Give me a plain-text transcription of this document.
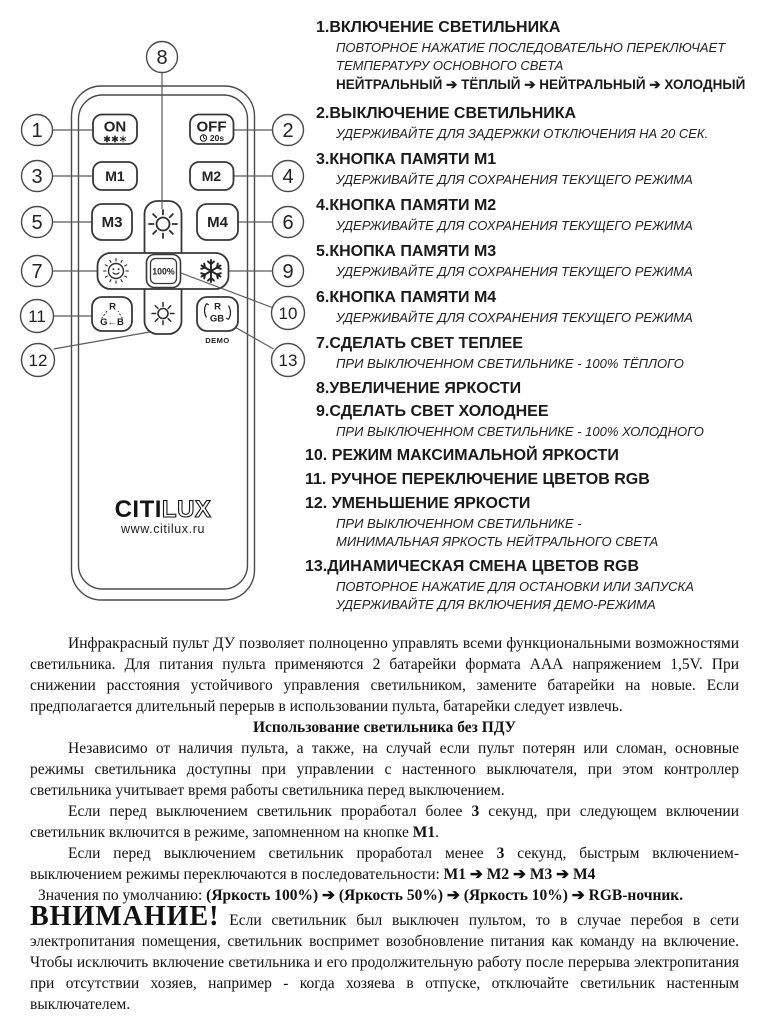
100%
ON	OFF
20s
M1	M2
M3	M4
R
G←B
R
GB
DEMO
CITILUX
www.citilux.ru
8
1	2
3	4
5	6
7	9
11	10
12	13
1.ВКЛЮЧЕНИЕ СВЕТИЛЬНИКА
ПОВТОРНОЕ НАЖАТИЕ ПОСЛЕДОВАТЕЛЬНО ПЕРЕКЛЮЧАЕТ
ТЕМПЕРАТУРУ ОСНОВНОГО СВЕТА
НЕЙТРАЛЬНЫЙ ➔ ТЁПЛЫЙ ➔ НЕЙТРАЛЬНЫЙ ➔ ХОЛОДНЫЙ
2.ВЫКЛЮЧЕНИЕ СВЕТИЛЬНИКА
УДЕРЖИВАЙТЕ ДЛЯ ЗАДЕРЖКИ ОТКЛЮЧЕНИЯ НА 20 СЕК.
3.КНОПКА ПАМЯТИ М1
УДЕРЖИВАЙТЕ ДЛЯ СОХРАНЕНИЯ ТЕКУЩЕГО РЕЖИМА
4.КНОПКА ПАМЯТИ М2
УДЕРЖИВАЙТЕ ДЛЯ СОХРАНЕНИЯ ТЕКУЩЕГО РЕЖИМА
5.КНОПКА ПАМЯТИ М3
УДЕРЖИВАЙТЕ ДЛЯ СОХРАНЕНИЯ ТЕКУЩЕГО РЕЖИМА
6.КНОПКА ПАМЯТИ М4
УДЕРЖИВАЙТЕ ДЛЯ СОХРАНЕНИЯ ТЕКУЩЕГО РЕЖИМА
7.СДЕЛАТЬ СВЕТ ТЕПЛЕЕ
ПРИ ВЫКЛЮЧЕННОМ СВЕТИЛЬНИКЕ - 100% ТЁПЛОГО
8.УВЕЛИЧЕНИЕ ЯРКОСТИ
9.СДЕЛАТЬ СВЕТ ХОЛОДНЕЕ
ПРИ ВЫКЛЮЧЕННОМ СВЕТИЛЬНИКЕ - 100% ХОЛОДНОГО
10. РЕЖИМ МАКСИМАЛЬНОЙ ЯРКОСТИ
11. РУЧНОЕ ПЕРЕКЛЮЧЕНИЕ ЦВЕТОВ RGB
12. УМЕНЬШЕНИЕ ЯРКОСТИ
ПРИ ВЫКЛЮЧЕННОМ СВЕТИЛЬНИКЕ -
МИНИМАЛЬНАЯ ЯРКОСТЬ НЕЙТРАЛЬНОГО СВЕТА
13.ДИНАМИЧЕСКАЯ СМЕНА ЦВЕТОВ RGB
ПОВТОРНОЕ НАЖАТИЕ ДЛЯ ОСТАНОВКИ ИЛИ ЗАПУСКА
УДЕРЖИВАЙТЕ ДЛЯ ВКЛЮЧЕНИЯ ДЕМО-РЕЖИМА

Инфракрасный пульт ДУ позволяет полноценно управлять всеми функциональными возможностями светильника. Для питания пульта применяются 2 батарейки формата ААА напряжением 1,5V. При снижении расстояния устойчивого управления светильником, замените батарейки на новые. Если предполагается длительный перерыв в использовании пульта, батарейки следует извлечь.

Использование светильника без ПДУ

Независимо от наличия пульта, а также, на случай если пульт потерян или сломан, основные режимы светильника доступны при управлении с настенного выключателя, при этом контроллер светильника учитывает время работы светильника перед выключением.

Если перед выключением светильник проработал более 3 секунд, при следующем включении светильник включится в режиме, запомненном на кнопке М1.

Если перед выключением светильник проработал менее 3 секунд, быстрым включением-выключением режимы переключаются в последовательности: М1 ➔ М2 ➔ М3 ➔ М4

Значения по умолчанию: (Яркость 100%) ➔ (Яркость 50%) ➔ (Яркость 10%) ➔ RGB-ночник.

ВНИМАНИЕ! Если светильник был выключен пультом, то в случае перебоя в сети электропитания помещения, светильник воспримет возобновление питания как команду на включение. Чтобы исключить включение светильника и его продолжительную работу после перерыва электропитания при отсутствии хозяев, например - когда хозяева в отпуске, отключайте светильник настенным выключателем.
